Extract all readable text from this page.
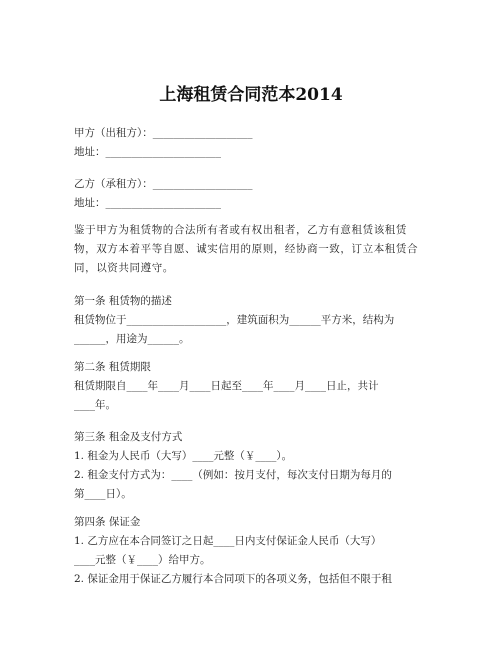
上海租赁合同范本2014
甲方（出租方）：___________________
地址：______________________
乙方（承租方）：___________________
地址：______________________
鉴于甲方为租赁物的合法所有者或有权出租者，乙方有意租赁该租赁物，双方本着平等自愿、诚实信用的原则，经协商一致，订立本租赁合同，以资共同遵守。
第一条 租赁物的描述
租赁物位于___________________，建筑面积为______平方米，结构为
______，用途为______。
第二条 租赁期限
租赁期限自____年____月____日起至____年____月____日止，共计
____年。
第三条 租金及支付方式
1. 租金为人民币（大写）____元整（￥____）。
2. 租金支付方式为：____（例如：按月支付，每次支付日期为每月的
第____日）。
第四条 保证金
1. 乙方应在本合同签订之日起____日内支付保证金人民币（大写）
____元整（￥____）给甲方。
2. 保证金用于保证乙方履行本合同项下的各项义务，包括但不限于租
